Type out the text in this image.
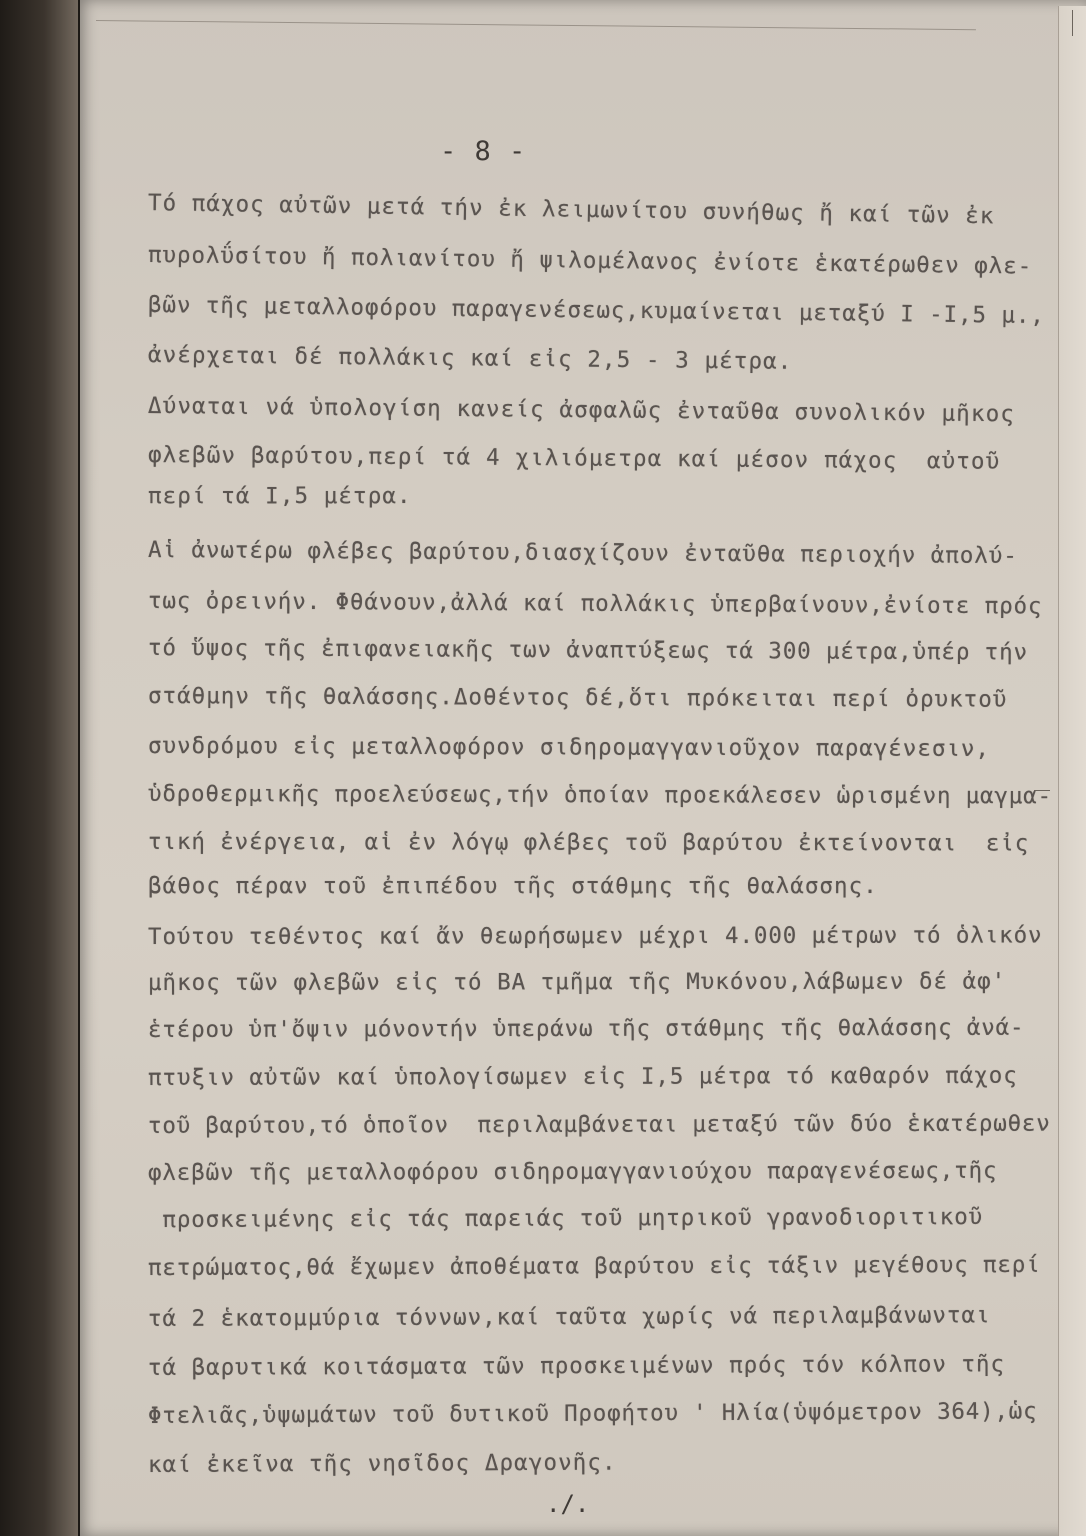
- 8 -
Τό πάχος αὐτῶν μετά τήν ἐκ λειμωνίτου συνήθως ἤ καί τῶν ἐκ
πυρολΰσίτου ἤ πολιανίτου ἤ ψιλομέλανος ἐνίοτε ἑκατέρωθεν φλε-
βῶν τῆς μεταλλοφόρου παραγενέσεως,κυμαίνεται μεταξύ Ι -Ι,5 μ.,
ἀνέρχεται δέ πολλάκις καί εἰς 2,5 - 3 μέτρα.
Δύναται νά ὑπολογίση κανείς ἀσφαλῶς ἐνταῦθα συνολικόν μῆκος
φλεβῶν βαρύτου,περί τά 4 χιλιόμετρα καί μέσον πάχος  αὐτοῦ
περί τά Ι,5 μέτρα.
Αἱ ἀνωτέρω φλέβες βαρύτου,διασχίζουν ἐνταῦθα περιοχήν ἀπολύ-
τως ὀρεινήν. Φθάνουν,ἀλλά καί πολλάκις ὑπερβαίνουν,ἐνίοτε πρός
τό ὕψος τῆς ἐπιφανειακῆς των ἀναπτύξεως τά 300 μέτρα,ὑπέρ τήν
στάθμην τῆς θαλάσσης.Δοθέντος δέ,ὅτι πρόκειται περί ὀρυκτοῦ
συνδρόμου εἰς μεταλλοφόρον σιδηρομαγγανιοῦχον παραγένεσιν,
ὑδροθερμικῆς προελεύσεως,τήν ὁποίαν προεκάλεσεν ὡρισμένη μαγμα-
τική ἐνέργεια, αἱ ἐν λόγῳ φλέβες τοῦ βαρύτου ἐκτείνονται  εἰς
βάθος πέραν τοῦ ἐπιπέδου τῆς στάθμης τῆς θαλάσσης.
Τούτου τεθέντος καί ἄν θεωρήσωμεν μέχρι 4.000 μέτρων τό ὁλικόν
μῆκος τῶν φλεβῶν εἰς τό ΒΑ τμῆμα τῆς Μυκόνου,λάβωμεν δέ ἀφ'
ἑτέρου ὑπ'ὄψιν μόνοντήν ὑπεράνω τῆς στάθμης τῆς θαλάσσης ἀνά-
πτυξιν αὐτῶν καί ὑπολογίσωμεν εἰς Ι,5 μέτρα τό καθαρόν πάχος
τοῦ βαρύτου,τό ὁποῖον  περιλαμβάνεται μεταξύ τῶν δύο ἑκατέρωθεν
φλεβῶν τῆς μεταλλοφόρου σιδηρομαγγανιούχου παραγενέσεως,τῆς
προσκειμένης εἰς τάς παρειάς τοῦ μητρικοῦ γρανοδιοριτικοῦ
πετρώματος,θά ἔχωμεν ἀποθέματα βαρύτου εἰς τάξιν μεγέθους περί
τά 2 ἑκατομμύρια τόννων,καί ταῦτα χωρίς νά περιλαμβάνωνται
τά βαρυτικά κοιτάσματα τῶν προσκειμένων πρός τόν κόλπον τῆς
Φτελιᾶς,ὑψωμάτων τοῦ δυτικοῦ Προφήτου ' Ηλία(ὑψόμετρον 364),ὡς
καί ἐκεῖνα τῆς νησῖδος Δραγονῆς.
./.
